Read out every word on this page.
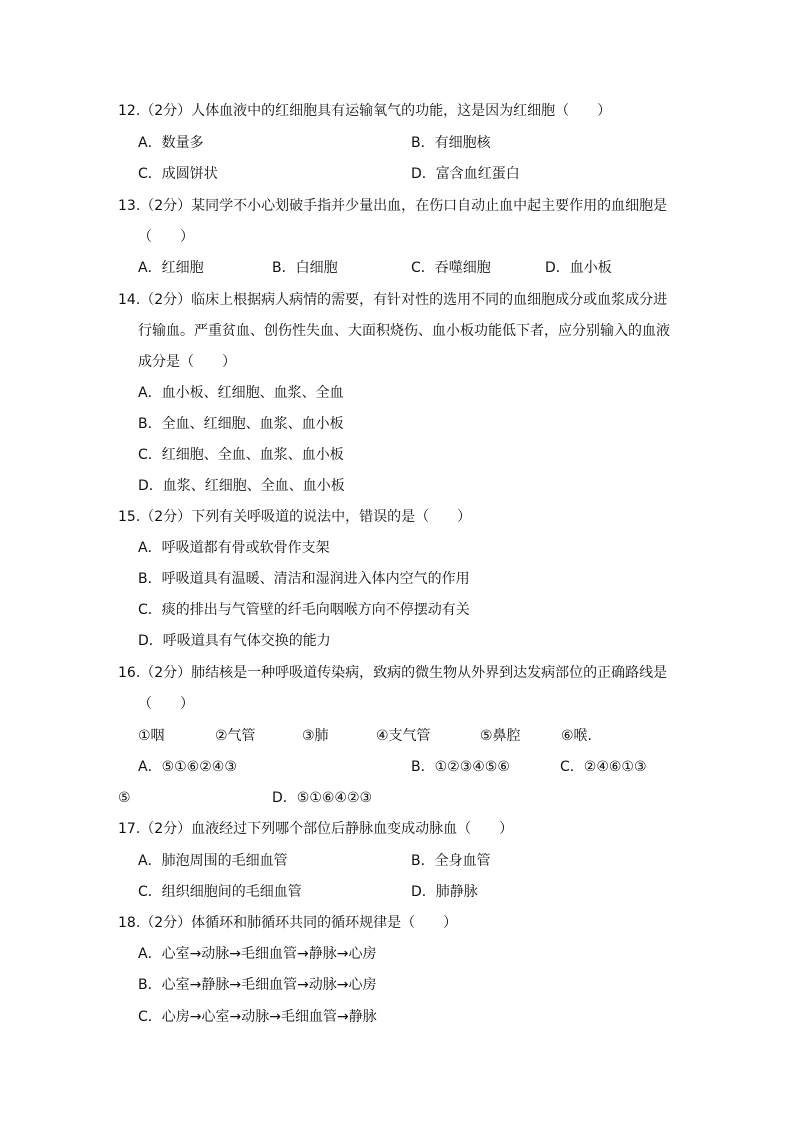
12.（2分）人体血液中的红细胞具有运输氧气的功能，这是因为红细胞（　　）
A．数量多	B．有细胞核
C．成圆饼状	D．富含血红蛋白
13.（2分）某同学不小心划破手指并少量出血，在伤口自动止血中起主要作用的血细胞是
（　　）
A．红细胞	B．白细胞	C．吞噬细胞	D．血小板
14.（2分）临床上根据病人病情的需要，有针对性的选用不同的血细胞成分或血浆成分进
行输血。严重贫血、创伤性失血、大面积烧伤、血小板功能低下者，应分别输入的血液
成分是（　　）
A．血小板、红细胞、血浆、全血
B．全血、红细胞、血浆、血小板
C．红细胞、全血、血浆、血小板
D．血浆、红细胞、全血、血小板
15.（2分）下列有关呼吸道的说法中，错误的是（　　）
A．呼吸道都有骨或软骨作支架
B．呼吸道具有温暖、清洁和湿润进入体内空气的作用
C．痰的排出与气管壁的纤毛向咽喉方向不停摆动有关
D．呼吸道具有气体交换的能力
16.（2分）肺结核是一种呼吸道传染病，致病的微生物从外界到达发病部位的正确路线是
（　　）
①咽	②气管	③肺	④支气管	⑤鼻腔	⑥喉.
A．⑤①⑥②④③	B．①②③④⑤⑥	C．②④⑥①③
⑤	D．⑤①⑥④②③
17.（2分）血液经过下列哪个部位后静脉血变成动脉血（　　）
A．肺泡周围的毛细血管	B．全身血管
C．组织细胞间的毛细血管	D．肺静脉
18.（2分）体循环和肺循环共同的循环规律是（　　）
A．心室→动脉→毛细血管→静脉→心房
B．心室→静脉→毛细血管→动脉→心房
C．心房→心室→动脉→毛细血管→静脉
